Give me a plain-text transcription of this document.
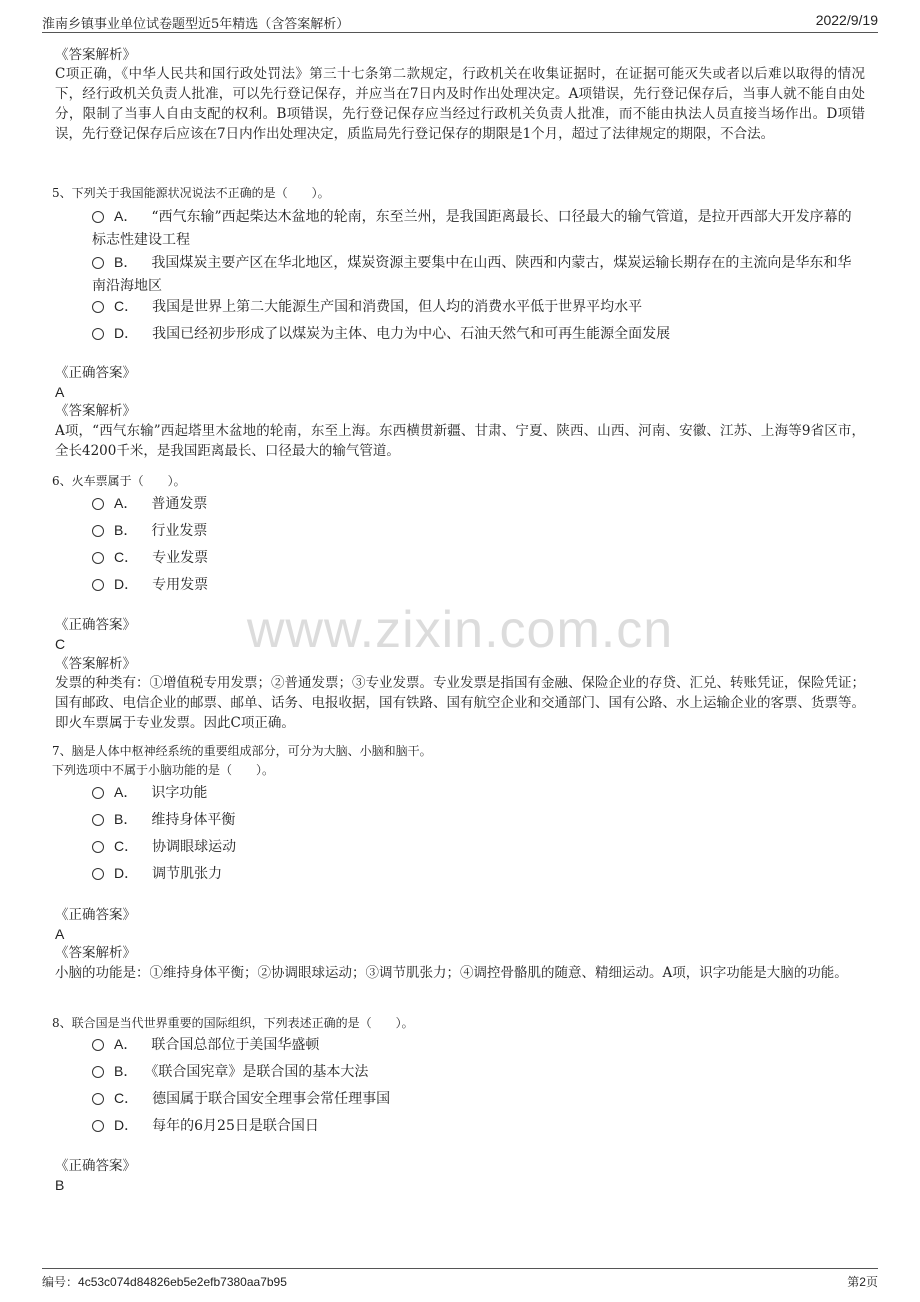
淮南乡镇事业单位试卷题型近5年精选（含答案解析）	2022/9/19
www.zixin.com.cn
《答案解析》
C项正确，《中华人民共和国行政处罚法》第三十七条第二款规定，行政机关在收集证据时，在证据可能灭失或者以后难以取得的情况下，经行政机关负责人批准，可以先行登记保存，并应当在7日内及时作出处理决定。A项错误，先行登记保存后，当事人就不能自由处分，限制了当事人自由支配的权利。B项错误，先行登记保存应当经过行政机关负责人批准，而不能由执法人员直接当场作出。D项错误，先行登记保存后应该在7日内作出处理决定，质监局先行登记保存的期限是1个月，超过了法律规定的期限，不合法。
5、下列关于我国能源状况说法不正确的是（　　）。
A． “西气东输”西起柴达木盆地的轮南，东至兰州，是我国距离最长、口径最大的输气管道，是拉开西部大开发序幕的标志性建设工程
B． 我国煤炭主要产区在华北地区，煤炭资源主要集中在山西、陕西和内蒙古，煤炭运输长期存在的主流向是华东和华南沿海地区
C． 我国是世界上第二大能源生产国和消费国，但人均的消费水平低于世界平均水平
D． 我国已经初步形成了以煤炭为主体、电力为中心、石油天然气和可再生能源全面发展
《正确答案》
A
《答案解析》
A项，“西气东输”西起塔里木盆地的轮南，东至上海。东西横贯新疆、甘肃、宁夏、陕西、山西、河南、安徽、江苏、上海等9省区市，全长4200千米，是我国距离最长、口径最大的输气管道。
6、火车票属于（　　）。
A． 普通发票
B． 行业发票
C． 专业发票
D． 专用发票
《正确答案》
C
《答案解析》
发票的种类有：①增值税专用发票；②普通发票；③专业发票。专业发票是指国有金融、保险企业的存贷、汇兑、转账凭证，保险凭证；国有邮政、电信企业的邮票、邮单、话务、电报收据，国有铁路、国有航空企业和交通部门、国有公路、水上运输企业的客票、货票等。即火车票属于专业发票。因此C项正确。
7、脑是人体中枢神经系统的重要组成部分，可分为大脑、小脑和脑干。
下列选项中不属于小脑功能的是（　　）。
A． 识字功能
B． 维持身体平衡
C． 协调眼球运动
D． 调节肌张力
《正确答案》
A
《答案解析》
小脑的功能是：①维持身体平衡；②协调眼球运动；③调节肌张力；④调控骨骼肌的随意、精细运动。A项，识字功能是大脑的功能。
8、联合国是当代世界重要的国际组织，下列表述正确的是（　　）。
A． 联合国总部位于美国华盛顿
B． 《联合国宪章》是联合国的基本大法
C． 德国属于联合国安全理事会常任理事国
D． 每年的6月25日是联合国日
《正确答案》
B
编号：4c53c074d84826eb5e2efb7380aa7b95	第2页
